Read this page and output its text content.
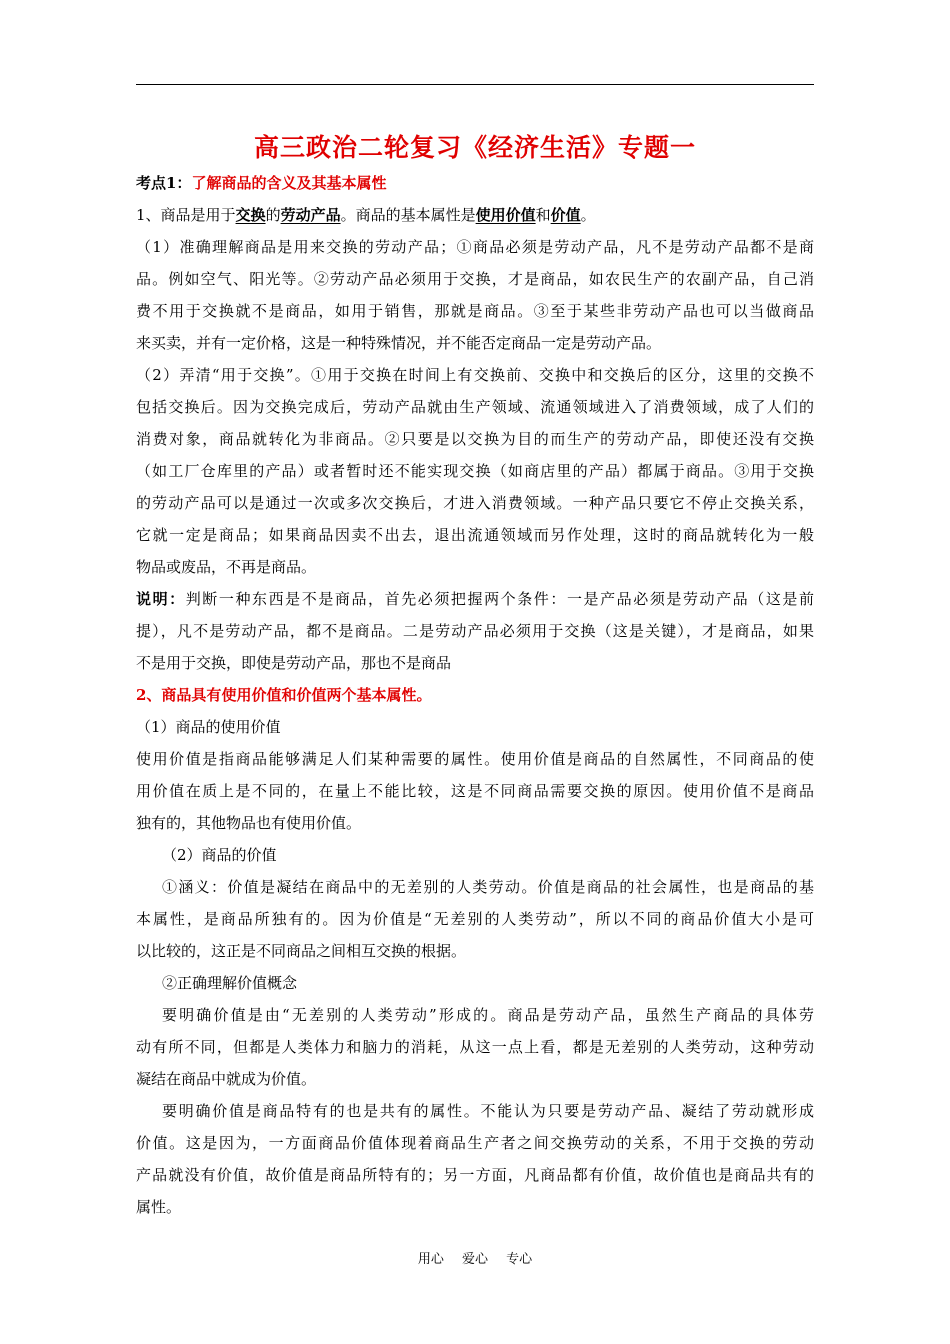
高三政治二轮复习《经济生活》专题一
考点1：了解商品的含义及其基本属性
1、商品是用于交换的劳动产品。商品的基本属性是使用价值和价值。
（1）准确理解商品是用来交换的劳动产品；①商品必须是劳动产品，凡不是劳动产品都不是商
品。例如空气、阳光等。②劳动产品必须用于交换，才是商品，如农民生产的农副产品，自己消
费不用于交换就不是商品，如用于销售，那就是商品。③至于某些非劳动产品也可以当做商品
来买卖，并有一定价格，这是一种特殊情况，并不能否定商品一定是劳动产品。
（2）弄清“用于交换”。①用于交换在时间上有交换前、交换中和交换后的区分，这里的交换不
包括交换后。因为交换完成后，劳动产品就由生产领域、流通领域进入了消费领域，成了人们的
消费对象，商品就转化为非商品。②只要是以交换为目的而生产的劳动产品，即使还没有交换
（如工厂仓库里的产品）或者暂时还不能实现交换（如商店里的产品）都属于商品。③用于交换
的劳动产品可以是通过一次或多次交换后，才进入消费领域。一种产品只要它不停止交换关系，
它就一定是商品；如果商品因卖不出去，退出流通领域而另作处理，这时的商品就转化为一般
物品或废品，不再是商品。
说明：判断一种东西是不是商品，首先必须把握两个条件：一是产品必须是劳动产品（这是前
提），凡不是劳动产品，都不是商品。二是劳动产品必须用于交换（这是关键），才是商品，如果
不是用于交换，即使是劳动产品，那也不是商品
2、商品具有使用价值和价值两个基本属性。
（1）商品的使用价值
使用价值是指商品能够满足人们某种需要的属性。使用价值是商品的自然属性，不同商品的使
用价值在质上是不同的，在量上不能比较，这是不同商品需要交换的原因。使用价值不是商品
独有的，其他物品也有使用价值。
（2）商品的价值
①涵义：价值是凝结在商品中的无差别的人类劳动。价值是商品的社会属性，也是商品的基
本属性，是商品所独有的。因为价值是“无差别的人类劳动”，所以不同的商品价值大小是可
以比较的，这正是不同商品之间相互交换的根据。
②正确理解价值概念
要明确价值是由“无差别的人类劳动”形成的。商品是劳动产品，虽然生产商品的具体劳
动有所不同，但都是人类体力和脑力的消耗，从这一点上看，都是无差别的人类劳动，这种劳动
凝结在商品中就成为价值。
要明确价值是商品特有的也是共有的属性。不能认为只要是劳动产品、凝结了劳动就形成
价值。这是因为，一方面商品价值体现着商品生产者之间交换劳动的关系，不用于交换的劳动
产品就没有价值，故价值是商品所特有的；另一方面，凡商品都有价值，故价值也是商品共有的
属性。
用心 爱心 专心
